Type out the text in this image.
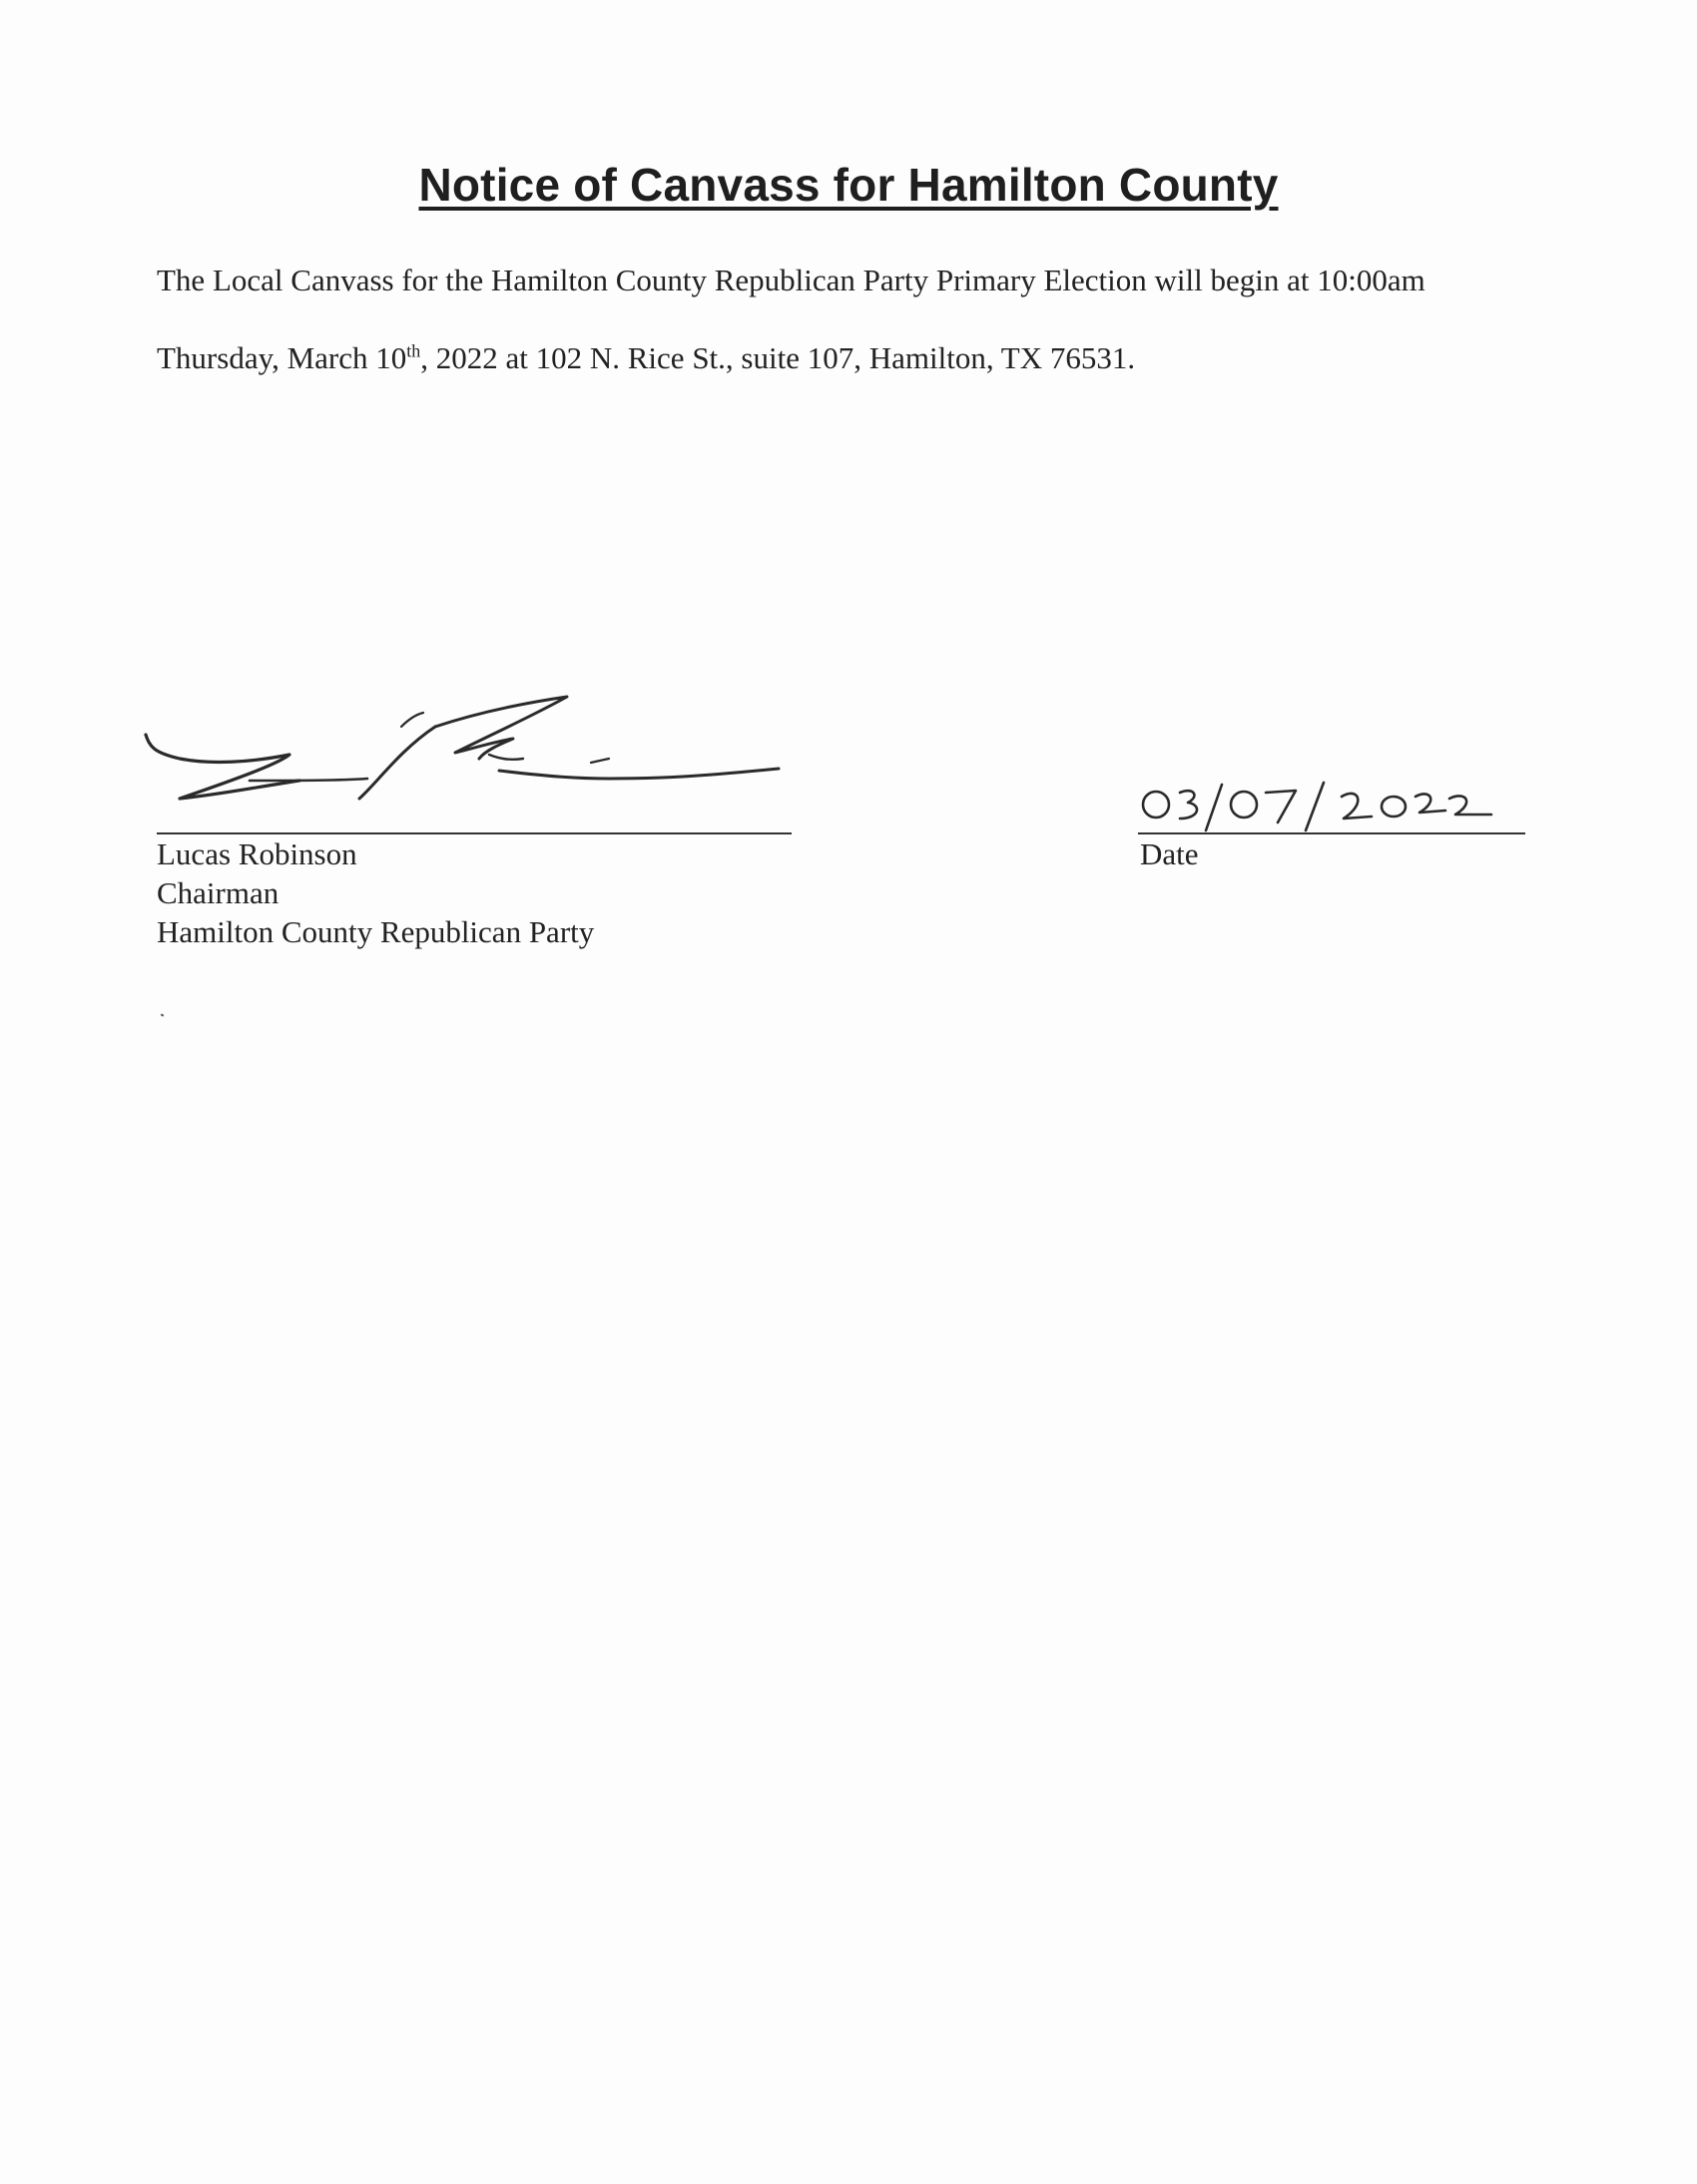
Notice of Canvass for Hamilton County
The Local Canvass for the Hamilton County Republican Party Primary Election will begin at 10:00am
Thursday, March 10th, 2022 at 102 N. Rice St., suite 107, Hamilton, TX 76531.
Lucas Robinson
Chairman
Hamilton County Republican Party
Date
